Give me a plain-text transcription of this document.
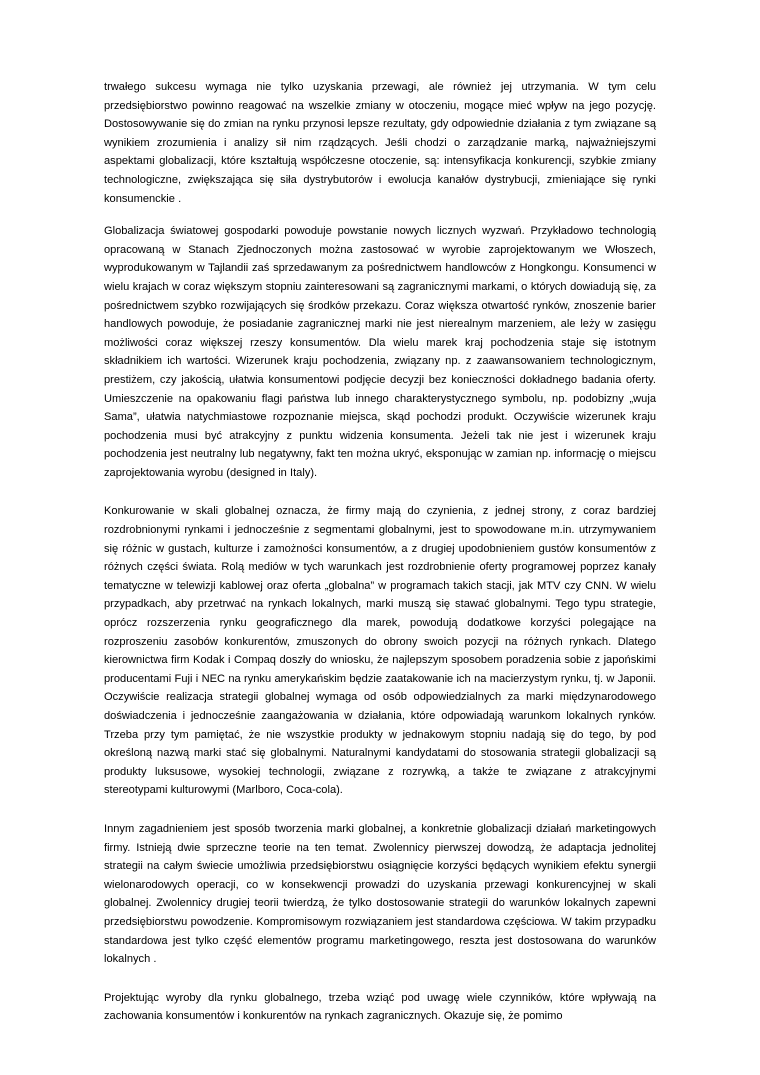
trwałego sukcesu wymaga nie tylko uzyskania przewagi, ale również jej utrzymania. W tym celu przedsiębiorstwo powinno reagować na wszelkie zmiany w otoczeniu, mogące mieć wpływ na jego pozycję. Dostosowywanie się do zmian na rynku przynosi lepsze rezultaty, gdy odpowiednie działania z tym związane są wynikiem zrozumienia i analizy sił nim rządzących. Jeśli chodzi o zarządzanie marką, najważniejszymi aspektami globalizacji, które kształtują współczesne otoczenie, są: intensyfikacja konkurencji, szybkie zmiany technologiczne, zwiększająca się siła dystrybutorów i ewolucja kanałów dystrybucji, zmieniające się rynki konsumenckie .

Globalizacja światowej gospodarki powoduje powstanie nowych licznych wyzwań. Przykładowo technologią opracowaną w Stanach Zjednoczonych można zastosować w wyrobie zaprojektowanym we Włoszech, wyprodukowanym w Tajlandii zaś sprzedawanym za pośrednictwem handlowców z Hongkongu. Konsumenci w wielu krajach w coraz większym stopniu zainteresowani są zagranicznymi markami, o których dowiadują się, za pośrednictwem szybko rozwijających się środków przekazu. Coraz większa otwartość rynków, znoszenie barier handlowych powoduje, że posiadanie zagranicznej marki nie jest nierealnym marzeniem, ale leży w zasięgu możliwości coraz większej rzeszy konsumentów. Dla wielu marek kraj pochodzenia staje się istotnym składnikiem ich wartości. Wizerunek kraju pochodzenia, związany np. z zaawansowaniem technologicznym, prestiżem, czy jakością, ułatwia konsumentowi podjęcie decyzji bez konieczności dokładnego badania oferty. Umieszczenie na opakowaniu flagi państwa lub innego charakterystycznego symbolu, np. podobizny „wuja Sama”, ułatwia natychmiastowe rozpoznanie miejsca, skąd pochodzi produkt. Oczywiście wizerunek kraju pochodzenia musi być atrakcyjny z punktu widzenia konsumenta. Jeżeli tak nie jest i wizerunek kraju pochodzenia jest neutralny lub negatywny, fakt ten można ukryć, eksponując w zamian np. informację o miejscu zaprojektowania wyrobu (designed in Italy).

Konkurowanie w skali globalnej oznacza, że firmy mają do czynienia, z jednej strony, z coraz bardziej rozdrobnionymi rynkami i jednocześnie z segmentami globalnymi, jest to spowodowane m.in. utrzymywaniem się różnic w gustach, kulturze i zamożności konsumentów, a z drugiej upodobnieniem gustów konsumentów z różnych części świata. Rolą mediów w tych warunkach jest rozdrobnienie oferty programowej poprzez kanały tematyczne w telewizji kablowej oraz oferta „globalna” w programach takich stacji, jak MTV czy CNN. W wielu przypadkach, aby przetrwać na rynkach lokalnych, marki muszą się stawać globalnymi. Tego typu strategie, oprócz rozszerzenia rynku geograficznego dla marek, powodują dodatkowe korzyści polegające na rozproszeniu zasobów konkurentów, zmuszonych do obrony swoich pozycji na różnych rynkach. Dlatego kierownictwa firm Kodak i Compaq doszły do wniosku, że najlepszym sposobem poradzenia sobie z japońskimi producentami Fuji i NEC na rynku amerykańskim będzie zaatakowanie ich na macierzystym rynku, tj. w Japonii. Oczywiście realizacja strategii globalnej wymaga od osób odpowiedzialnych za marki międzynarodowego doświadczenia i jednocześnie zaangażowania w działania, które odpowiadają warunkom lokalnych rynków. Trzeba przy tym pamiętać, że nie wszystkie produkty w jednakowym stopniu nadają się do tego, by pod określoną nazwą marki stać się globalnymi. Naturalnymi kandydatami do stosowania strategii globalizacji są produkty luksusowe, wysokiej technologii, związane z rozrywką, a także te związane z atrakcyjnymi stereotypami kulturowymi (Marlboro, Coca-cola).

Innym zagadnieniem jest sposób tworzenia marki globalnej, a konkretnie globalizacji działań marketingowych firmy. Istnieją dwie sprzeczne teorie na ten temat. Zwolennicy pierwszej dowodzą, że adaptacja jednolitej strategii na całym świecie umożliwia przedsiębiorstwu osiągnięcie korzyści będących wynikiem efektu synergii wielonarodowych operacji, co w konsekwencji prowadzi do uzyskania przewagi konkurencyjnej w skali globalnej. Zwolennicy drugiej teorii twierdzą, że tylko dostosowanie strategii do warunków lokalnych zapewni przedsiębiorstwu powodzenie. Kompromisowym rozwiązaniem jest standardowa częściowa. W takim przypadku standardowa jest tylko część elementów programu marketingowego, reszta jest dostosowana do warunków lokalnych .

Projektując wyroby dla rynku globalnego, trzeba wziąć pod uwagę wiele czynników, które wpływają na zachowania konsumentów i konkurentów na rynkach zagranicznych. Okazuje się, że pomimo
